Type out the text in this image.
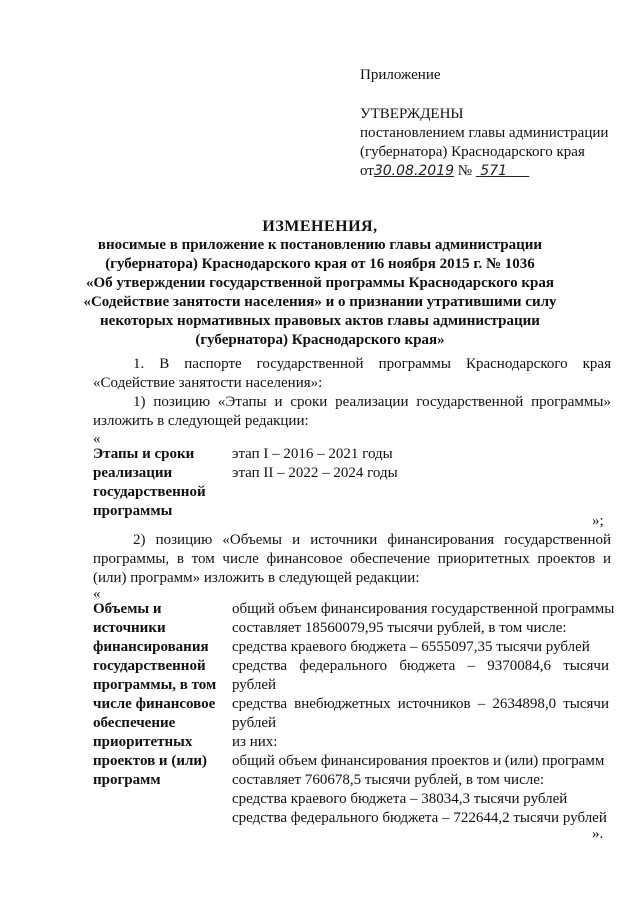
Приложение
УТВЕРЖДЕНЫ
постановлением главы администрации
(губернатора) Краснодарского края
от30.08.2019 № 571
ИЗМЕНЕНИЯ,
вносимые в приложение к постановлению главы администрации
(губернатора) Краснодарского края от 16 ноября 2015 г. № 1036
«Об утверждении государственной программы Краснодарского края
«Содействие занятости населения» и о признании утратившими силу
некоторых нормативных правовых актов главы администрации
(губернатора) Краснодарского края»
1. В паспорте государственной программы Краснодарского края
«Содействие занятости населения»:
1) позицию «Этапы и сроки реализации государственной программы»
изложить в следующей редакции:
«
Этапы и сроки
реализации
государственной
программы
этап I – 2016 – 2021 годы
этап II – 2022 – 2024 годы
»;
2) позицию «Объемы и источники финансирования государственной
программы, в том числе финансовое обеспечение приоритетных проектов и
(или) программ» изложить в следующей редакции:
«
Объемы и
источники
финансирования
государственной
программы, в том
числе финансовое
обеспечение
приоритетных
проектов и (или)
программ
общий объем финансирования государственной программы
составляет 18560079,95 тысячи рублей, в том числе:
средства краевого бюджета – 6555097,35 тысячи рублей
средства федерального бюджета – 9370084,6 тысячи
рублей
средства внебюджетных источников – 2634898,0 тысячи
рублей
из них:
общий объем финансирования проектов и (или) программ
составляет 760678,5 тысячи рублей, в том числе:
средства краевого бюджета – 38034,3 тысячи рублей
средства федерального бюджета – 722644,2 тысячи рублей
».
